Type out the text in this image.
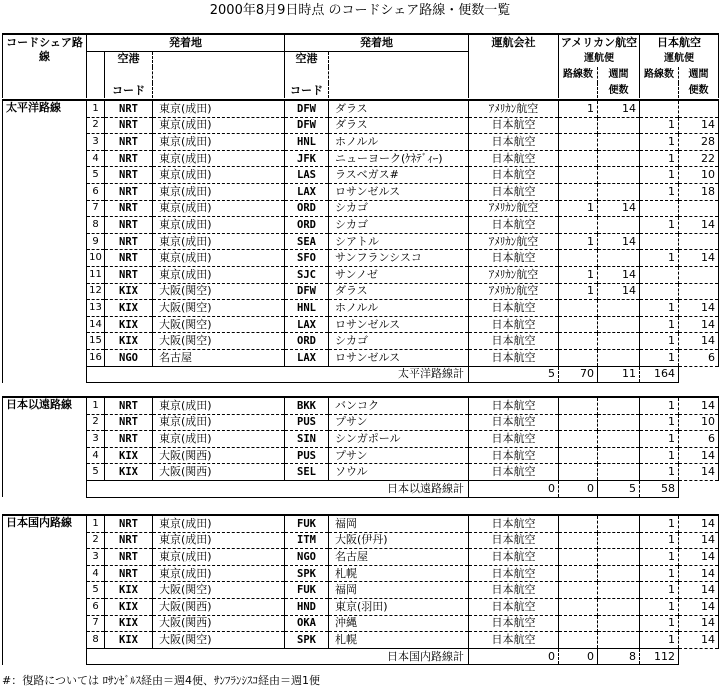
2000年8月9日時点 のコードシェア路線・便数一覧
コードシェア路線	発着地			発着地		運航会社	アメリカン航空		日本航空	
		空港		空港			運航便		運航便	
							路線数	週間	路線数	週間
		コード		コード				便数		便数
太平洋路線	1	NRT	東京(成田)	DFW	ダラス	ｱﾒﾘｶﾝ航空	1	14		
	2	NRT	東京(成田)	DFW	ダラス	日本航空			1	14
	3	NRT	東京(成田)	HNL	ホノルル	日本航空			1	28
	4	NRT	東京(成田)	JFK	ニューヨーク(ｹﾈﾃﾞｨｰ)	日本航空			1	22
	5	NRT	東京(成田)	LAS	ラスベガス#	日本航空			1	10
	6	NRT	東京(成田)	LAX	ロサンゼルス	日本航空			1	18
	7	NRT	東京(成田)	ORD	シカゴ	ｱﾒﾘｶﾝ航空	1	14		
	8	NRT	東京(成田)	ORD	シカゴ	日本航空			1	14
	9	NRT	東京(成田)	SEA	シアトル	ｱﾒﾘｶﾝ航空	1	14		
	10	NRT	東京(成田)	SFO	サンフランシスコ	日本航空			1	14
	11	NRT	東京(成田)	SJC	サンノゼ	ｱﾒﾘｶﾝ航空	1	14		
	12	KIX	大阪(関空)	DFW	ダラス	ｱﾒﾘｶﾝ航空	1	14		
	13	KIX	大阪(関空)	HNL	ホノルル	日本航空			1	14
	14	KIX	大阪(関空)	LAX	ロサンゼルス	日本航空			1	14
	15	KIX	大阪(関空)	ORD	シカゴ	日本航空			1	14
	16	NGO	名古屋	LAX	ロサンゼルス	日本航空			1	6
	太平洋路線計					5	70	11	164	
日本以遠路線	1	NRT	東京(成田)	BKK	バンコク	日本航空			1	14
	2	NRT	東京(成田)	PUS	プサン	日本航空			1	10
	3	NRT	東京(成田)	SIN	シンガポール	日本航空			1	6
	4	KIX	大阪(関西)	PUS	プサン	日本航空			1	14
	5	KIX	大阪(関西)	SEL	ソウル	日本航空			1	14
	日本以遠路線計					0	0	5	58	
日本国内路線	1	NRT	東京(成田)	FUK	福岡	日本航空			1	14
	2	NRT	東京(成田)	ITM	大阪(伊丹)	日本航空			1	14
	3	NRT	東京(成田)	NGO	名古屋	日本航空			1	14
	4	NRT	東京(成田)	SPK	札幌	日本航空			1	14
	5	KIX	大阪(関空)	FUK	福岡	日本航空			1	14
	6	KIX	大阪(関西)	HND	東京(羽田)	日本航空			1	14
	7	KIX	大阪(関西)	OKA	沖縄	日本航空			1	14
	8	KIX	大阪(関空)	SPK	札幌	日本航空			1	14
	日本国内路線計					0	0	8	112	
#：復路については ﾛｻﾝｾﾞﾙｽ経由＝週4便、ｻﾝﾌﾗﾝｼｽｺ経由＝週1便
